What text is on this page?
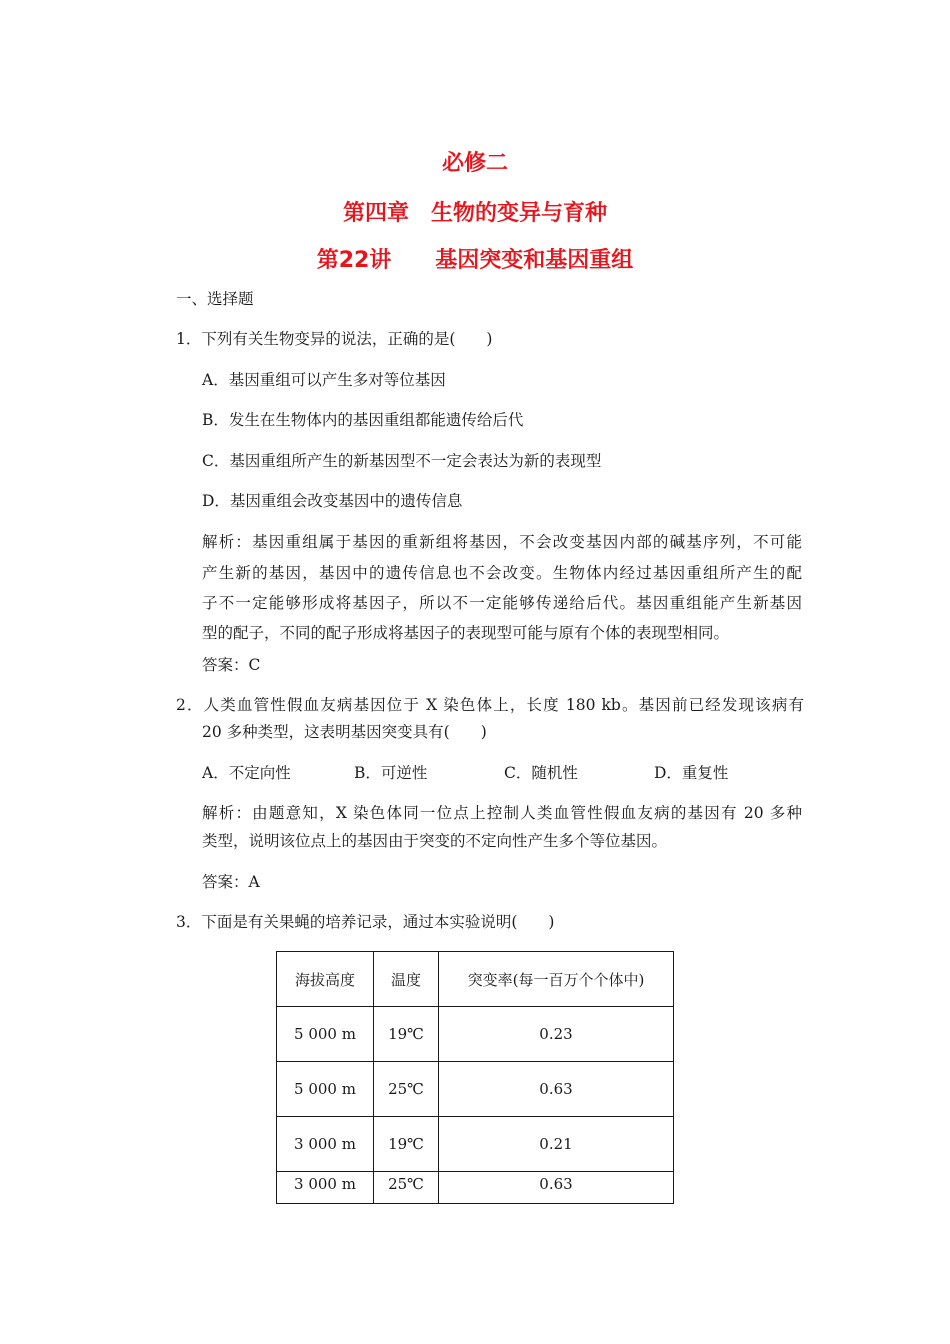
必修二
第四章　生物的变异与育种
第22讲　　基因突变和基因重组
一、选择题
1．下列有关生物变异的说法，正确的是(　　)
A．基因重组可以产生多对等位基因
B．发生在生物体内的基因重组都能遗传给后代
C．基因重组所产生的新基因型不一定会表达为新的表现型
D．基因重组会改变基因中的遗传信息
解析：基因重组属于基因的重新组将基因，不会改变基因内部的碱基序列，不可能
产生新的基因，基因中的遗传信息也不会改变。生物体内经过基因重组所产生的配
子不一定能够形成将基因子，所以不一定能够传递给后代。基因重组能产生新基因
型的配子，不同的配子形成将基因子的表现型可能与原有个体的表现型相同。
答案：C
2．人类血管性假血友病基因位于 X 染色体上，长度 180 kb。基因前已经发现该病有
20 多种类型，这表明基因突变具有(　　)
A．不定向性	B．可逆性	C．随机性	D．重复性
解析：由题意知，X 染色体同一位点上控制人类血管性假血友病的基因有 20 多种
类型，说明该位点上的基因由于突变的不定向性产生多个等位基因。
答案：A
3．下面是有关果蝇的培养记录，通过本实验说明(　　)
海拔高度	温度	突变率(每一百万个个体中)
5 000 m	19℃	0.23
5 000 m	25℃	0.63
3 000 m	19℃	0.21
3 000 m	25℃	0.63
